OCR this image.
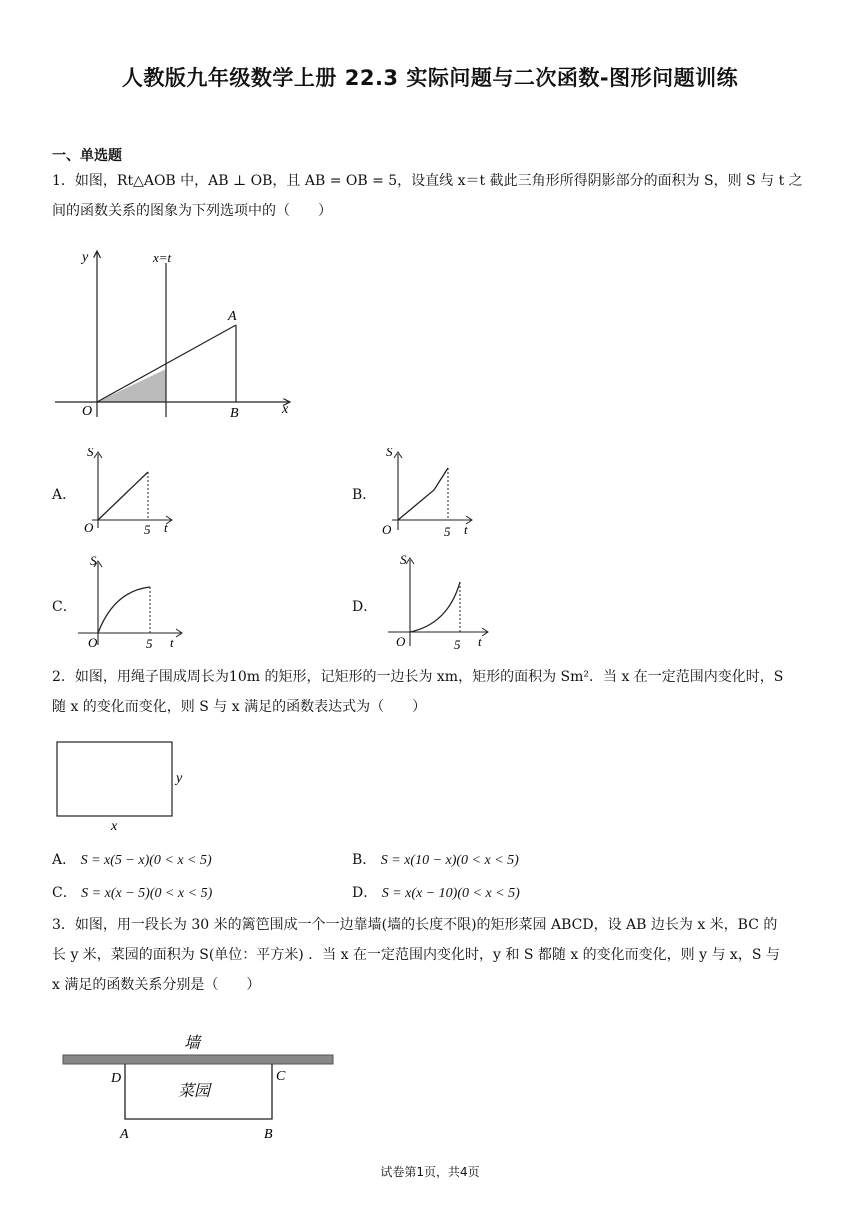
人教版九年级数学上册 22.3 实际问题与二次函数-图形问题训练
一、单选题
1．如图，Rt△AOB 中，AB ⊥ OB，且 AB = OB = 5，设直线 x＝t 截此三角形所得阴影部分的面积为 S，则 S 与 t 之
间的函数关系的图象为下列选项中的（　　）
y	x=t
A
O	B	x
A．
S
O	5 t
B．
S
O	5 t
C．
S
O	5 t
D．
S
O	5 t
2．如图，用绳子围成周长为10m 的矩形，记矩形的一边长为 xm，矩形的面积为 Sm²．当 x 在一定范围内变化时，S
随 x 的变化而变化，则 S 与 x 满足的函数表达式为（　　）
x
y
A． S = x(5 − x)(0 < x < 5)	B． S = x(10 − x)(0 < x < 5)
C． S = x(x − 5)(0 < x < 5)	D． S = x(x − 10)(0 < x < 5)
3．如图，用一段长为 30 米的篱笆围成一个一边靠墙(墙的长度不限)的矩形菜园 ABCD，设 AB 边长为 x 米，BC 的
长 y 米，菜园的面积为 S(单位：平方米) ．当 x 在一定范围内变化时，y 和 S 都随 x 的变化而变化，则 y 与 x，S 与
x 满足的函数关系分别是（　　）
墙
菜园
D	C
A	B
试卷第1页，共4页
